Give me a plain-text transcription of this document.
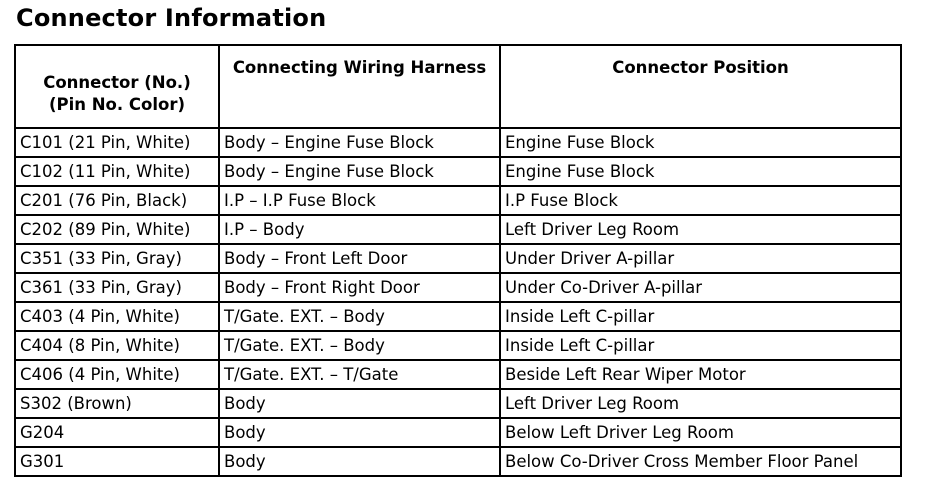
Connector Information
Connector (No.)
(Pin No. Color)	Connecting Wiring Harness	Connector Position
C101 (21 Pin, White)	Body – Engine Fuse Block	Engine Fuse Block
C102 (11 Pin, White)	Body – Engine Fuse Block	Engine Fuse Block
C201 (76 Pin, Black)	I.P – I.P Fuse Block	I.P Fuse Block
C202 (89 Pin, White)	I.P – Body	Left Driver Leg Room
C351 (33 Pin, Gray)	Body – Front Left Door	Under Driver A-pillar
C361 (33 Pin, Gray)	Body – Front Right Door	Under Co-Driver A-pillar
C403 (4 Pin, White)	T/Gate. EXT. – Body	Inside Left C-pillar
C404 (8 Pin, White)	T/Gate. EXT. – Body	Inside Left C-pillar
C406 (4 Pin, White)	T/Gate. EXT. – T/Gate	Beside Left Rear Wiper Motor
S302 (Brown)	Body	Left Driver Leg Room
G204	Body	Below Left Driver Leg Room
G301	Body	Below Co-Driver Cross Member Floor Panel
